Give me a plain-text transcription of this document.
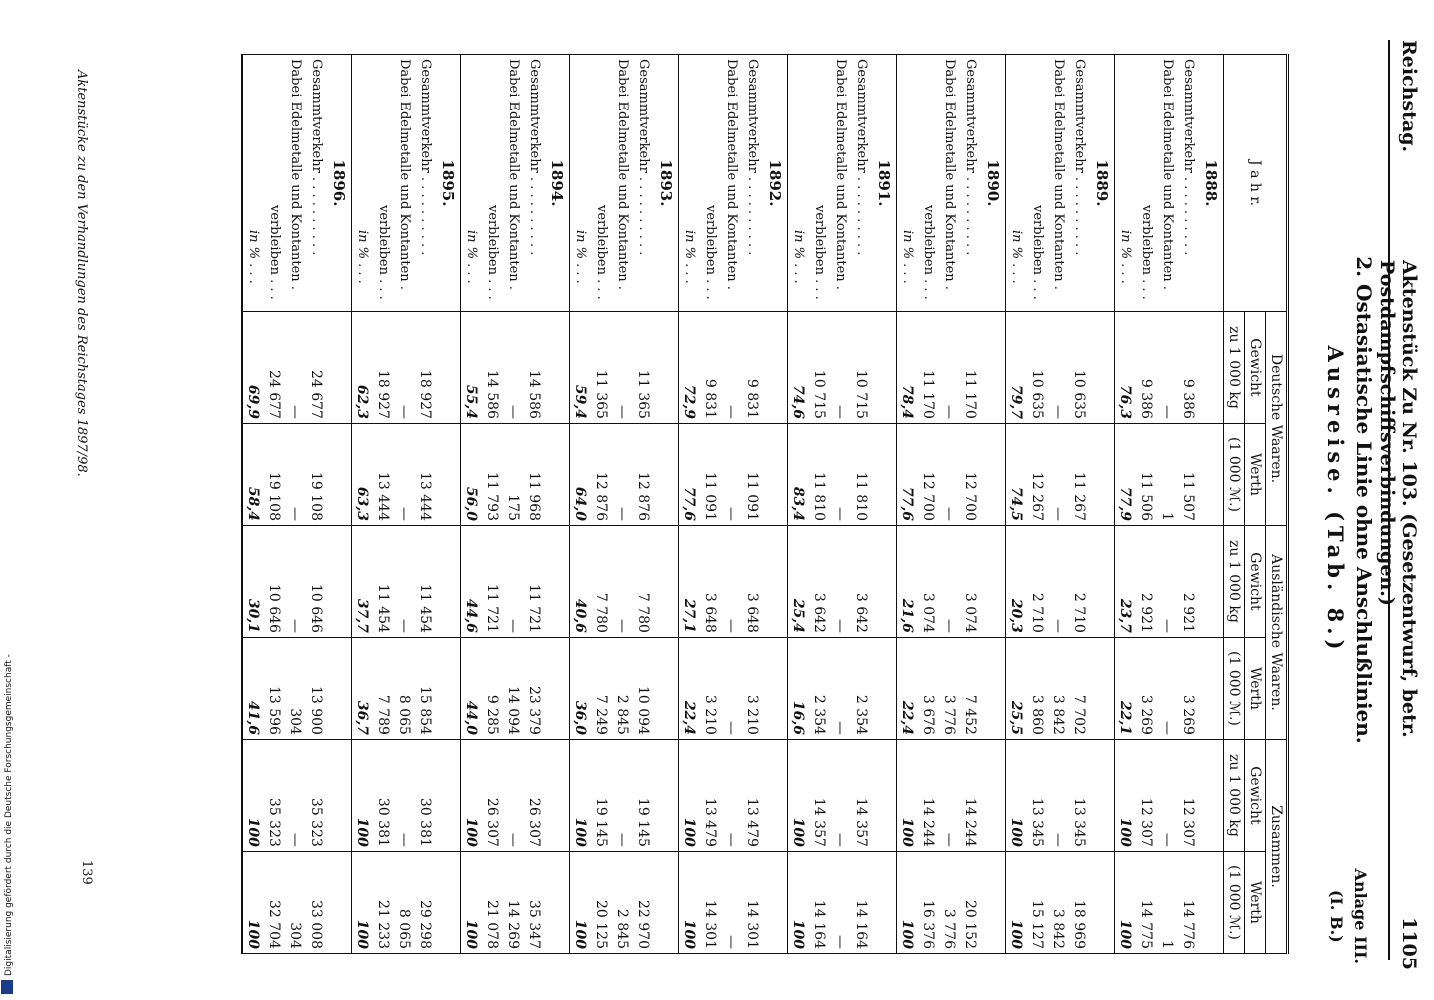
Reichstag.
Aktenstück Zu Nr. 103. (Gesetzentwurf, betr. Postdampfschiffsverbindungen.)
1105
2. Ostasiatische Linie ohne Anschlußlinien.
Anlage III.
(I. B.)
Ausreise. (Tab. 8.)
J a h r.	Deutsche Waaren.		Ausländische Waaren.		Zusammen.	
	Gewicht	Werth	Gewicht	Werth	Gewicht	Werth
	zu 1 000 kg	(1 000 ℳ.)	zu 1 000 kg	(1 000 ℳ.)	zu 1 000 kg	(1 000 ℳ.)
1888.						
Gesammtverkehr . . . . . . . . . .	9 386	11 507	2 921	3 269	12 307	14 776
Dabei Edelmetalle und Kontanten .	—	1	—	—	—	1
verbleiben . . .	9 386	11 506	2 921	3 269	12 307	14 775
in % . . .	76,3	77,9	23,7	22,1	100	100
1889.						
Gesammtverkehr . . . . . . . . . .	10 635	11 267	2 710	7 702	13 345	18 969
Dabei Edelmetalle und Kontanten .	—	—	—	3 842	—	3 842
verbleiben . . .	10 635	12 267	2 710	3 860	13 345	15 127
in % . . .	79,7	74,5	20,3	25,5	100	100
1890.						
Gesammtverkehr . . . . . . . . . .	11 170	12 700	3 074	7 452	14 244	20 152
Dabei Edelmetalle und Kontanten .	—	—	—	3 776	—	3 776
verbleiben . . .	11 170	12 700	3 074	3 676	14 244	16 376
in % . . .	78,4	77,6	21,6	22,4	100	100
1891.						
Gesammtverkehr . . . . . . . . . .	10 715	11 810	3 642	2 354	14 357	14 164
Dabei Edelmetalle und Kontanten .	—	—	—	—	—	—
verbleiben . . .	10 715	11 810	3 642	2 354	14 357	14 164
in % . . .	74,6	83,4	25,4	16,6	100	100
1892.						
Gesammtverkehr . . . . . . . . . .	9 831	11 091	3 648	3 210	13 479	14 301
Dabei Edelmetalle und Kontanten .	—	—	—	—	—	—
verbleiben . . .	9 831	11 091	3 648	3 210	13 479	14 301
in % . . .	72,9	77,6	27,1	22,4	100	100
1893.						
Gesammtverkehr . . . . . . . . . .	11 365	12 876	7 780	10 094	19 145	22 970
Dabei Edelmetalle und Kontanten .	—	—	—	2 845	—	2 845
verbleiben . . .	11 365	12 876	7 780	7 249	19 145	20 125
in % . . .	59,4	64,0	40,6	36,0	100	100
1894.						
Gesammtverkehr . . . . . . . . . .	14 586	11 968	11 721	23 379	26 307	35 347
Dabei Edelmetalle und Kontanten .	—	175	—	14 094	—	14 269
verbleiben . . .	14 586	11 793	11 721	9 285	26 307	21 078
in % . . .	55,4	56,0	44,6	44,0	100	100
1895.						
Gesammtverkehr . . . . . . . . . .	18 927	13 444	11 454	15 854	30 381	29 298
Dabei Edelmetalle und Kontanten .	—	—	—	8 065	—	8 065
verbleiben . . .	18 927	13 444	11 454	7 789	30 381	21 233
in % . . .	62,3	63,3	37,7	36,7	100	100
1896.						
Gesammtverkehr . . . . . . . . . .	24 677	19 108	10 646	13 900	35 323	33 008
Dabei Edelmetalle und Kontanten .	—	—	—	304	—	304
verbleiben . . .	24 677	19 108	10 646	13 596	35 323	32 704
in % . . .	69,9	58,4	30,1	41,6	100	100
Aktenstücke zu den Verhandlungen des Reichstages 1897/98.
139
Digitalisierung gefördert durch die Deutsche Forschungsgemeinschaft -
